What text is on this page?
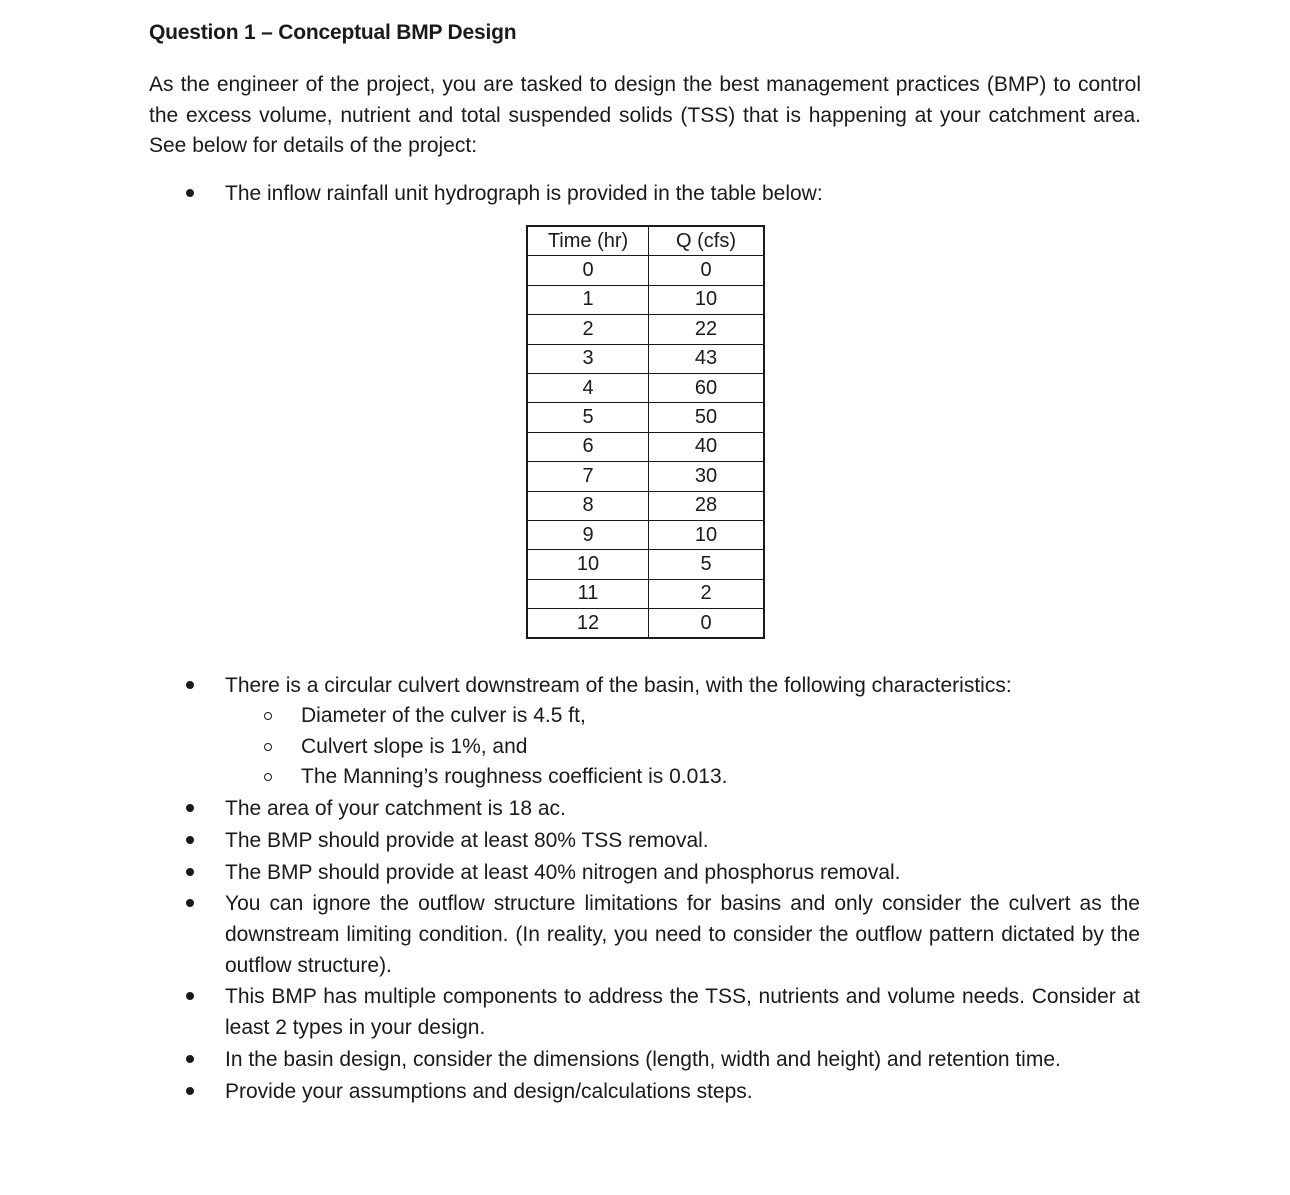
Question 1 – Conceptual BMP Design
As the engineer of the project, you are tasked to design the best management practices (BMP) to control the excess volume, nutrient and total suspended solids (TSS) that is happening at your catchment area. See below for details of the project:
The inflow rainfall unit hydrograph is provided in the table below:
Time (hr)	Q (cfs)
0	0
1	10
2	22
3	43
4	60
5	50
6	40
7	30
8	28
9	10
10	5
11	2
12	0
There is a circular culvert downstream of the basin, with the following characteristics:
Diameter of the culver is 4.5 ft,
Culvert slope is 1%, and
The Manning’s roughness coefficient is 0.013.
The area of your catchment is 18 ac.
The BMP should provide at least 80% TSS removal.
The BMP should provide at least 40% nitrogen and phosphorus removal.
You can ignore the outflow structure limitations for basins and only consider the culvert as the downstream limiting condition. (In reality, you need to consider the outflow pattern dictated by the outflow structure).
This BMP has multiple components to address the TSS, nutrients and volume needs. Consider at least 2 types in your design.
In the basin design, consider the dimensions (length, width and height) and retention time.
Provide your assumptions and design/calculations steps.
